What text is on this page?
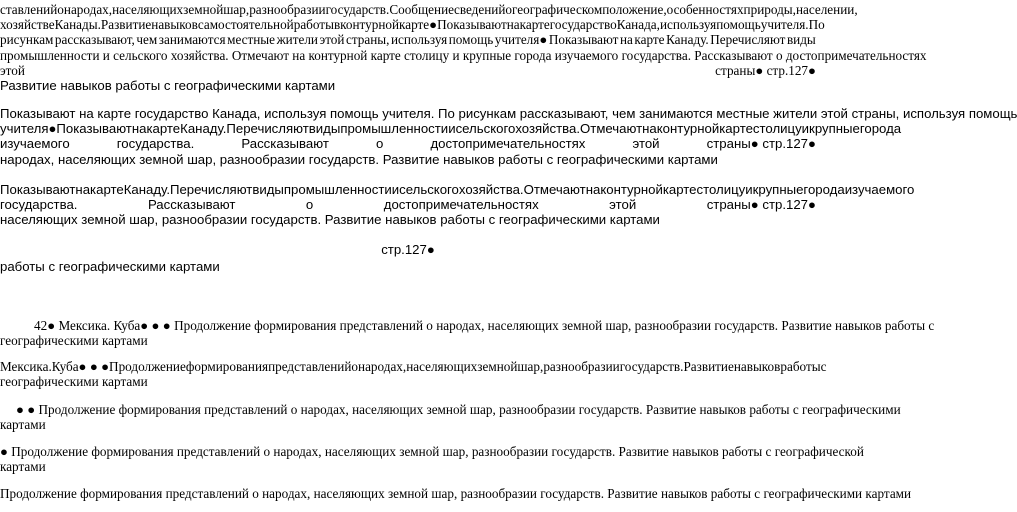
ставлений о народах, населяющих земной шар, разнообразии государств. Сообщение сведений о географическом положение, особенностях природы, населении,
хозяйстве Канады. Развитие навыков самостоятельной работы в контурной карте● Показывают на карте государство Канада, используя помощь учителя. По
рисункам рассказывают, чем занимаются местные жители этой страны, используя помощь учителя● Показывают на карте Канаду. Перечисляют виды
промышленности и сельского хозяйства. Отмечают на контурной карте столицу и крупные города изучаемого государства. Рассказывают о достопримечательностях
этой	страны● стр.127●
Развитие навыков работы с географическими картами
Показывают на карте государство Канада, используя помощь учителя. По рисункам рассказывают, чем занимаются местные жители этой страны, используя помощь
учителя● Показывают на карте Канаду. Перечисляют виды промышленности и сельского хозяйства. Отмечают на контурной карте столицу и крупные города
изучаемого	государства.	Рассказывают	о	достопримечательностях	этой	страны● стр.127●
народах, населяющих земной шар, разнообразии государств. Развитие навыков работы с географическими картами
Показывают на карте Канаду. Перечисляют виды промышленности и сельского хозяйства. Отмечают на контурной карте столицу и крупные города изучаемого
государства.	Рассказывают	о	достопримечательностях	этой	страны● стр.127●
населяющих земной шар, разнообразии государств. Развитие навыков работы с географическими картами
стр.127●
работы с географическими картами
42● Мексика. Куба● ● ● Продолжение формирования представлений о народах, населяющих земной шар, разнообразии государств. Развитие навыков работы с
географическими картами
Мексика. Куба● ● ● Продолжение формирования представлений о народах, населяющих земной шар, разнообразии государств. Развитие навыков работы с
географическими картами
● ● Продолжение формирования представлений о народах, населяющих земной шар, разнообразии государств. Развитие навыков работы с географическими
картами
● Продолжение формирования представлений о народах, населяющих земной шар, разнообразии государств. Развитие навыков работы с географической
картами
Продолжение формирования представлений о народах, населяющих земной шар, разнообразии государств. Развитие навыков работы с географическими картами
